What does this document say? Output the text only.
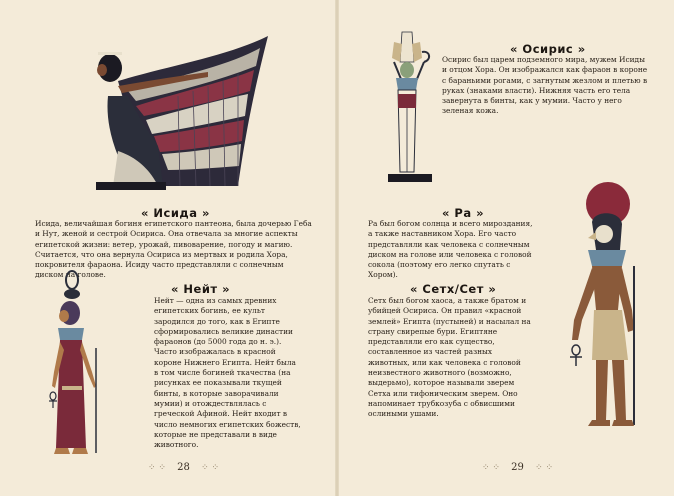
« Исида »
Исида, величайшая богиня египетского пантеона, была дочерью Геба и Нут, женой и сестрой Осириса. Она отвечала за многие аспекты египетской жизни: ветер, урожай, пивоварение, погоду и магию. Считается, что она вернула Осириса из мертвых и родила Хора, покровителя фараона. Исиду часто представляли с солнечным диском на голове.
« Нейт »
Нейт — одна из самых древних египетских богинь, ее культ зародился до того, как в Египте сформировались великие династии фараонов (до 5000 года до н. э.). Часто изображалась в красной короне Нижнего Египта. Нейт была в том числе богиней ткачества (на рисунках ее показывали ткущей бинты, в которые заворачивали мумии) и отождествлялась с греческой Афиной. Нейт входит в число немногих египетских божеств, которые не представали в виде животного.
⁘ ⁘ 28 ⁘ ⁘
« Осирис »
Осирис был царем подземного мира, мужем Исиды и отцом Хора. Он изображался как фараон в короне с бараньими рогами, с загнутым жезлом и плетью в руках (знаками власти). Нижняя часть его тела завернута в бинты, как у мумии. Часто у него зеленая кожа.
« Ра »
Ра был богом солнца и всего мироздания, а также наставником Хора. Его часто представляли как человека с солнечным диском на голове или человека с головой сокола (поэтому его легко спутать с Хором).
« Сетх/Сет »
Сетх был богом хаоса, а также братом и убийцей Осириса. Он правил «красной землей» Египта (пустыней) и насылал на страну свирепые бури. Египтяне представляли его как существо, составленное из частей разных животных, или как человека с головой неизвестного животного (возможно, выдерьмо), которое называли зверем Сетха или тифоническим зверем. Оно напоминает трубкозуба с обвисшими ослиными ушами.
⁘ ⁘ 29 ⁘ ⁘
